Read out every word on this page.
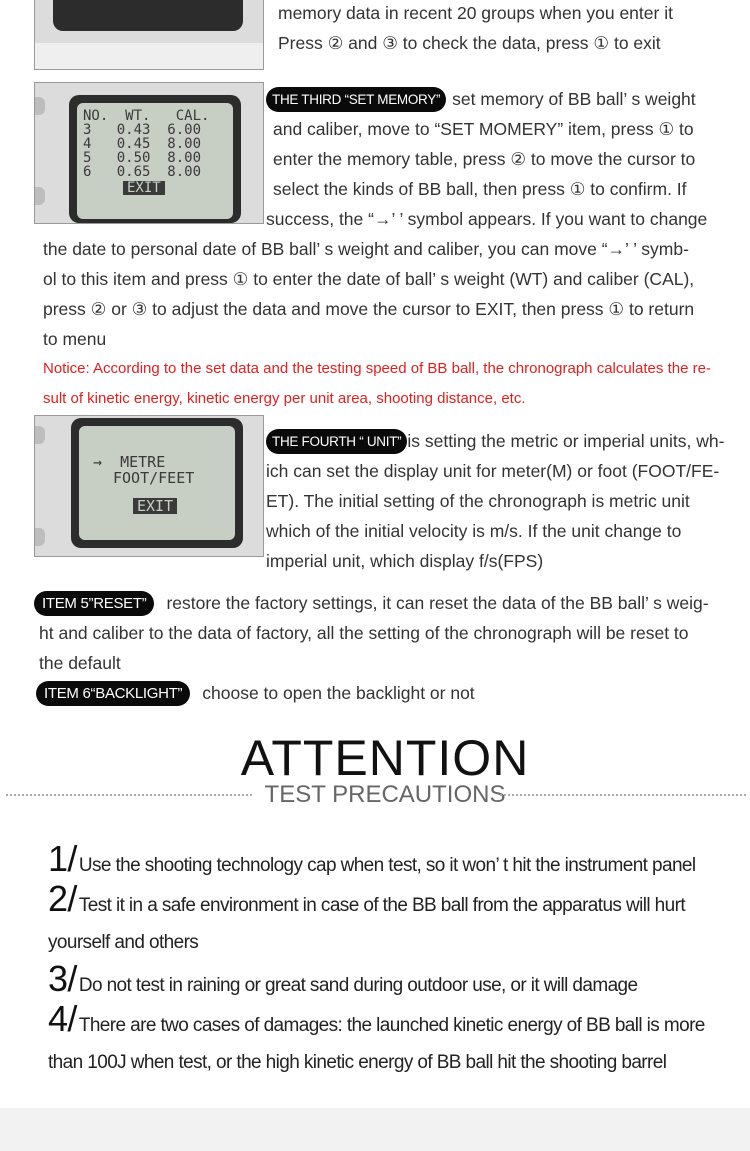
memory data in recent 20 groups when you enter it
Press ② and ③ to check the data, press ① to exit
NO.  WT.   CAL.
3   0.43  6.00
4   0.45  8.00
5   0.50  8.00
6   0.65  8.00
EXIT
THE THIRD “SET MEMORY” set memory of BB ball’ s weight
and caliber, move to “SET MOMERY” item, press ① to
enter the memory table, press ② to move the cursor to
select the kinds of BB ball, then press ① to confirm. If
success, the “→’ ’ symbol appears. If you want to change
the date to personal date of BB ball’ s weight and caliber, you can move “→’ ’ symb-
ol to this item and press ① to enter the date of ball’ s weight (WT) and caliber (CAL),
press ② or ③ to adjust the data and move the cursor to EXIT, then press ① to return
to menu
Notice: According to the set data and the testing speed of BB ball, the chronograph calculates the re-
sult of kinetic energy, kinetic energy per unit area, shooting distance, etc.
→  METRE
FOOT/FEET
EXIT
THE FOURTH “ UNIT” is setting the metric or imperial units, wh-
ich can set the display unit for meter(M) or foot (FOOT/FE-
ET). The initial setting of the chronograph is metric unit
which of the initial velocity is m/s. If the unit change to
imperial unit, which display f/s(FPS)
ITEM 5”RESET” restore the factory settings, it can reset the data of the BB ball’ s weig-
ht and caliber to the data of factory, all the setting of the chronograph will be reset to
the default
ITEM 6“BACKLIGHT” choose to open the backlight or not
ATTENTION
TEST PRECAUTIONS
1/ Use the shooting technology cap when test, so it won’ t hit the instrument panel
2/ Test it in a safe environment in case of the BB ball from the apparatus will hurt
yourself and others
3/ Do not test in raining or great sand during outdoor use, or it will damage
4/ There are two cases of damages: the launched kinetic energy of BB ball is more
than 100J when test, or the high kinetic energy of BB ball hit the shooting barrel
